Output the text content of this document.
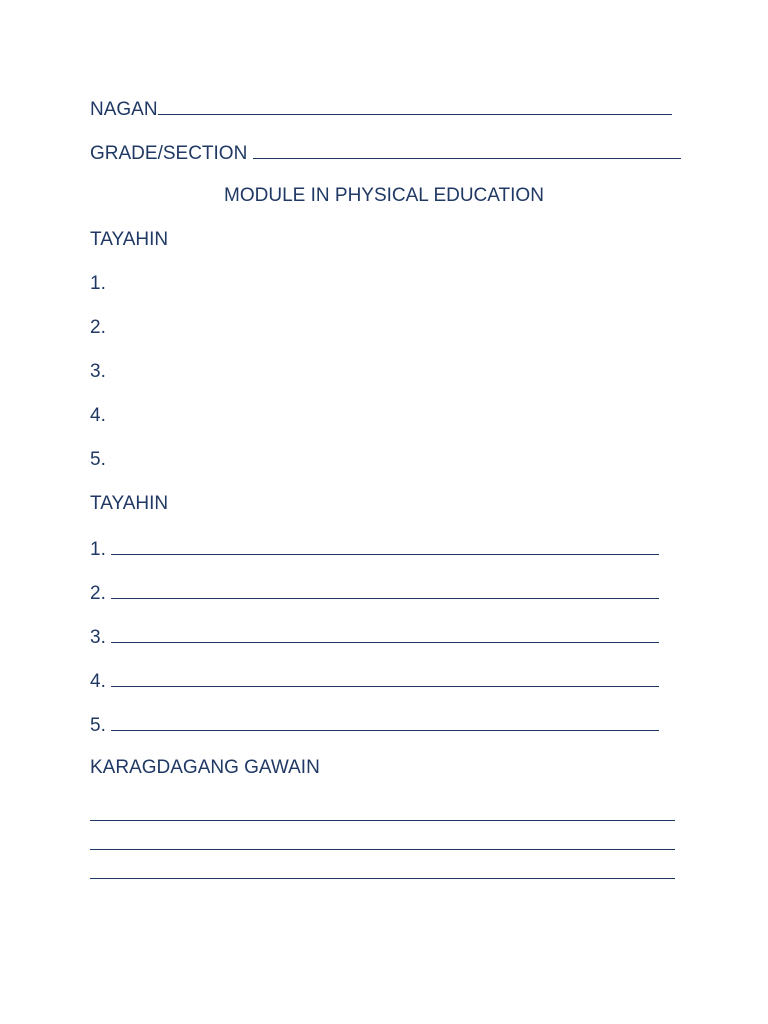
NAGAN
GRADE/SECTION
MODULE IN PHYSICAL EDUCATION
TAYAHIN
1.
2.
3.
4.
5.
TAYAHIN
1.
2.
3.
4.
5.
KARAGDAGANG GAWAIN
